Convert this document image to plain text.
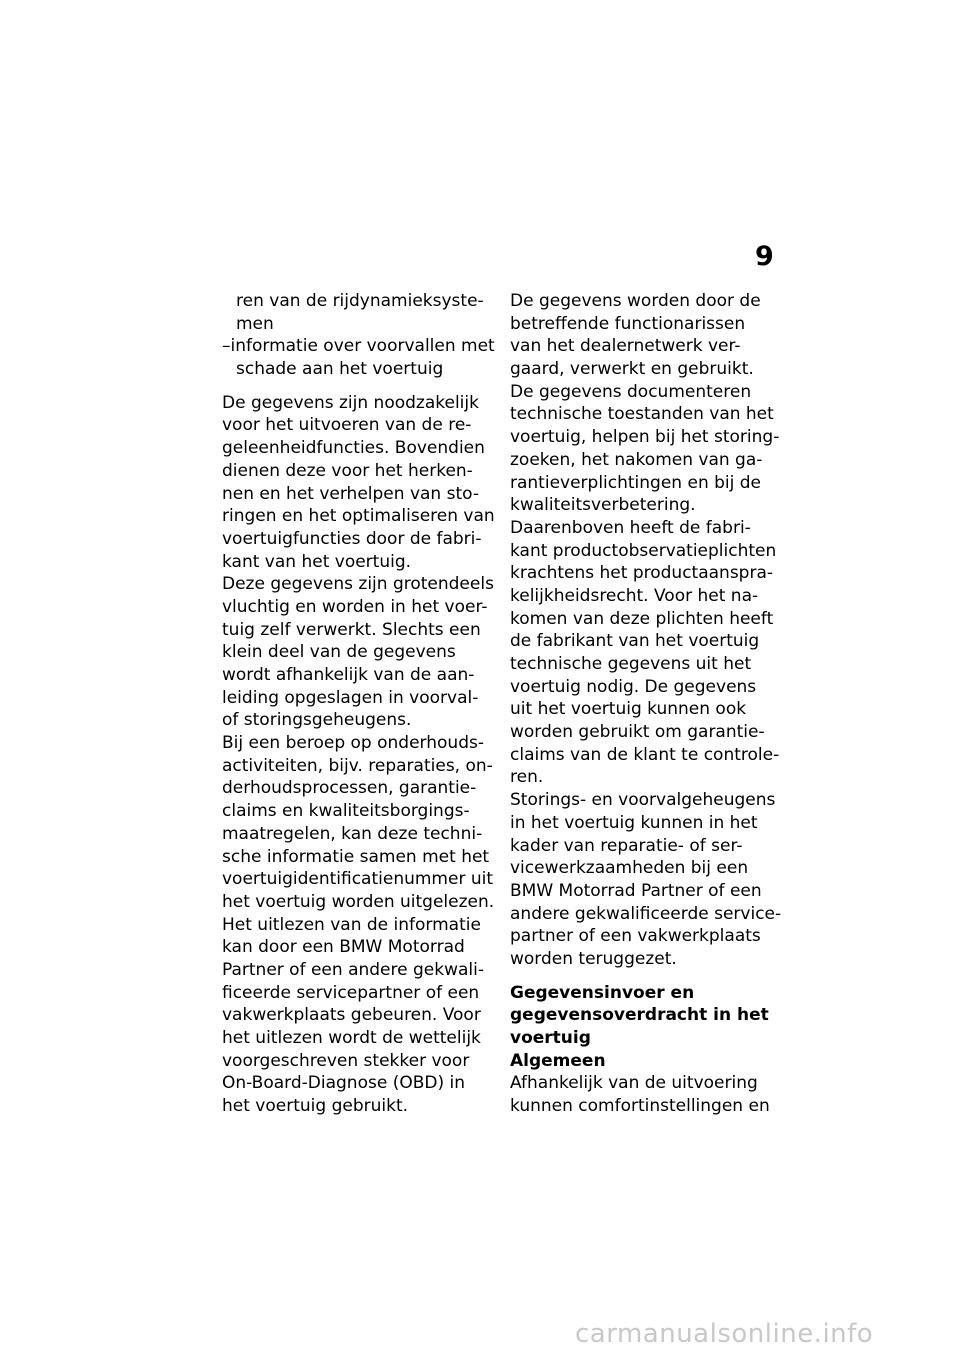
9
ren van de rijdynamieksyste-
men
–informatie over voorvallen met
schade aan het voertuig
De gegevens zijn noodzakelijk
voor het uitvoeren van de re-
geleenheidfuncties. Bovendien
dienen deze voor het herken-
nen en het verhelpen van sto-
ringen en het optimaliseren van
voertuigfuncties door de fabri-
kant van het voertuig.
Deze gegevens zijn grotendeels
vluchtig en worden in het voer-
tuig zelf verwerkt. Slechts een
klein deel van de gegevens
wordt afhankelijk van de aan-
leiding opgeslagen in voorval-
of storingsgeheugens.
Bij een beroep op onderhouds-
activiteiten, bijv. reparaties, on-
derhoudsprocessen, garantie-
claims en kwaliteitsborgings-
maatregelen, kan deze techni-
sche informatie samen met het
voertuigidentificatienummer uit
het voertuig worden uitgelezen.
Het uitlezen van de informatie
kan door een BMW Motorrad
Partner of een andere gekwali-
ficeerde servicepartner of een
vakwerkplaats gebeuren. Voor
het uitlezen wordt de wettelijk
voorgeschreven stekker voor
On-Board-Diagnose (OBD) in
het voertuig gebruikt.
De gegevens worden door de
betreffende functionarissen
van het dealernetwerk ver-
gaard, verwerkt en gebruikt.
De gegevens documenteren
technische toestanden van het
voertuig, helpen bij het storing-
zoeken, het nakomen van ga-
rantieverplichtingen en bij de
kwaliteitsverbetering.
Daarenboven heeft de fabri-
kant productobservatieplichten
krachtens het productaanspra-
kelijkheidsrecht. Voor het na-
komen van deze plichten heeft
de fabrikant van het voertuig
technische gegevens uit het
voertuig nodig. De gegevens
uit het voertuig kunnen ook
worden gebruikt om garantie-
claims van de klant te controle-
ren.
Storings- en voorvalgeheugens
in het voertuig kunnen in het
kader van reparatie- of ser-
vicewerkzaamheden bij een
BMW Motorrad Partner of een
andere gekwalificeerde service-
partner of een vakwerkplaats
worden teruggezet.
Gegevensinvoer en
gegevensoverdracht in het
voertuig
Algemeen
Afhankelijk van de uitvoering
kunnen comfortinstellingen en
carmanualsonline.info
